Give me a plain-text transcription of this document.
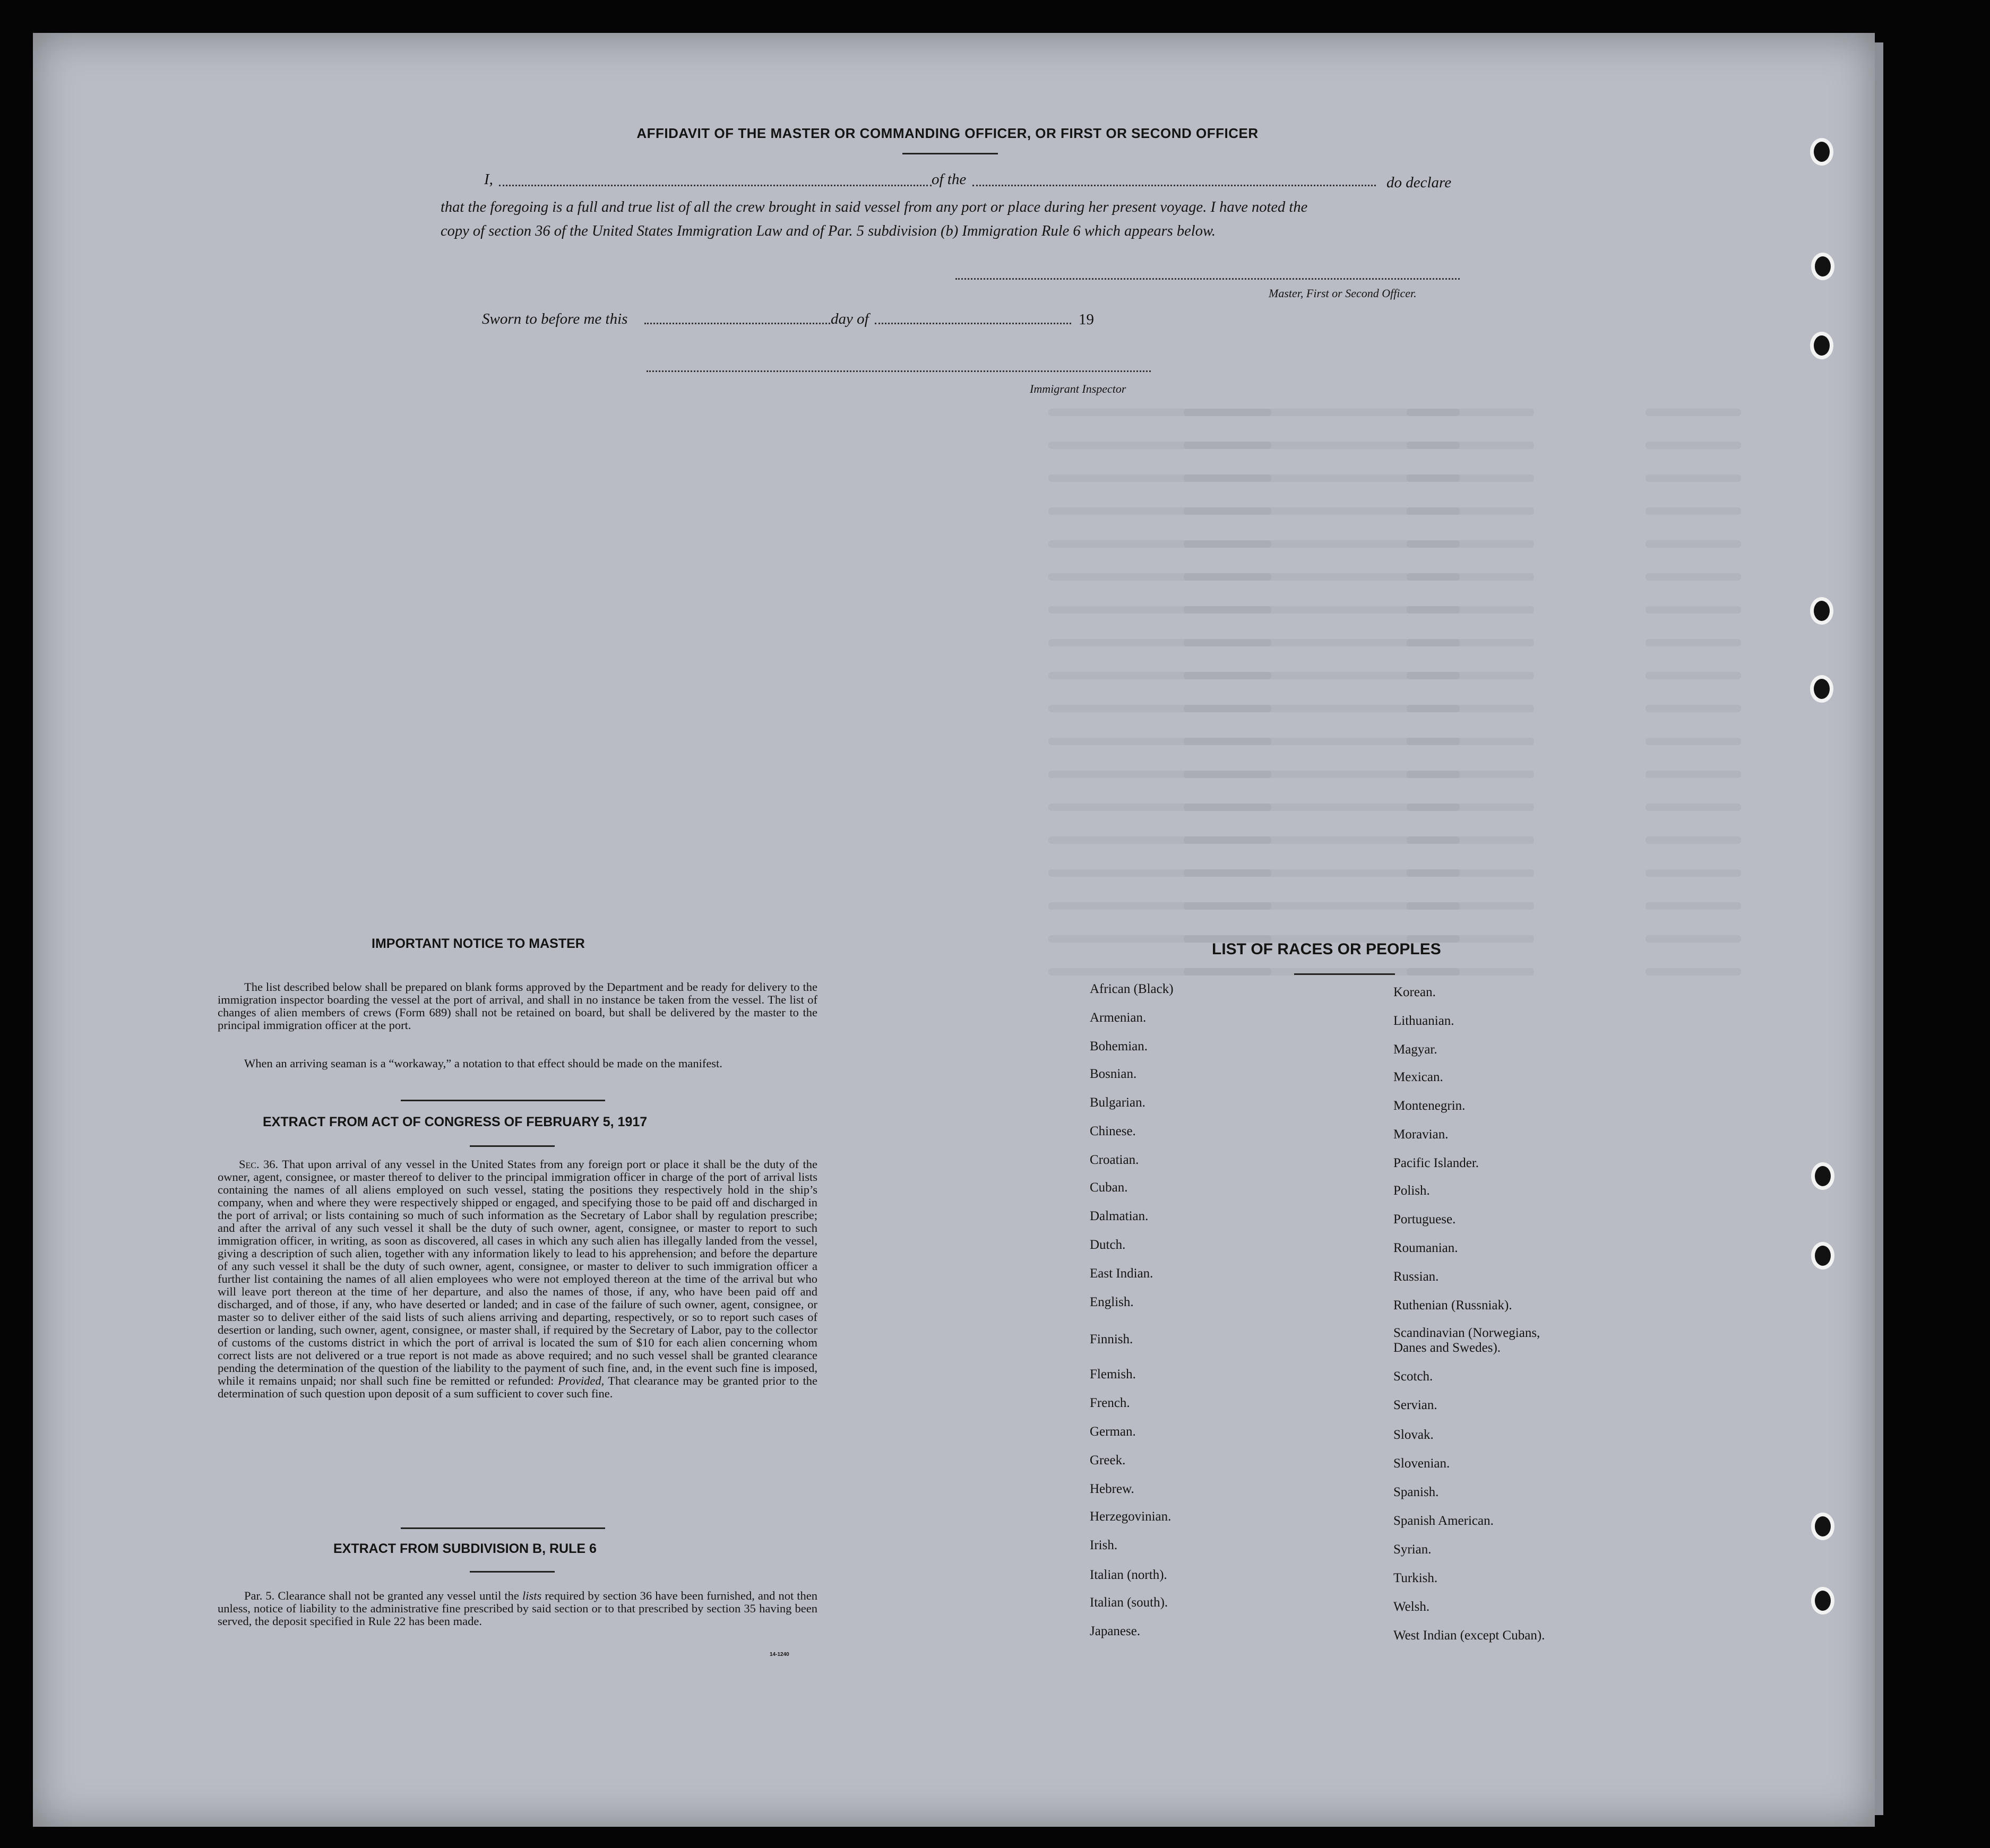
AFFIDAVIT OF THE MASTER OR COMMANDING OFFICER, OR FIRST OR SECOND OFFICER
I,	of the	do declare
that the foregoing is a full and true list of all the crew brought in said vessel from any port or place during her present voyage. I have noted the
copy of section 36 of the United States Immigration Law and of Par. 5 subdivision (b) Immigration Rule 6 which appears below.
Master, First or Second Officer.
Sworn to before me this	day of	19
Immigrant Inspector
IMPORTANT NOTICE TO MASTER
The list described below shall be prepared on blank forms approved by the Department and be ready for delivery to the immigration inspector boarding the vessel at the port of arrival, and shall in no instance be taken from the vessel. The list of changes of alien members of crews (Form 689) shall not be retained on board, but shall be delivered by the master to the principal immigration officer at the port.
When an arriving seaman is a “workaway,” a notation to that effect should be made on the manifest.
EXTRACT FROM ACT OF CONGRESS OF FEBRUARY 5, 1917
Sec. 36. That upon arrival of any vessel in the United States from any foreign port or place it shall be the duty of the owner, agent, consignee, or master thereof to deliver to the principal immigration officer in charge of the port of arrival lists containing the names of all aliens employed on such vessel, stating the positions they respectively hold in the ship’s company, when and where they were respectively shipped or engaged, and specifying those to be paid off and discharged in the port of arrival; or lists containing so much of such information as the Secretary of Labor shall by regulation prescribe; and after the arrival of any such vessel it shall be the duty of such owner, agent, consignee, or master to report to such immigration officer, in writing, as soon as discovered, all cases in which any such alien has illegally landed from the vessel, giving a description of such alien, together with any information likely to lead to his apprehension; and before the departure of any such vessel it shall be the duty of such owner, agent, consignee, or master to deliver to such immigration officer a further list containing the names of all alien employees who were not employed thereon at the time of the arrival but who will leave port thereon at the time of her departure, and also the names of those, if any, who have been paid off and discharged, and of those, if any, who have deserted or landed; and in case of the failure of such owner, agent, consignee, or master so to deliver either of the said lists of such aliens arriving and departing, respectively, or so to report such cases of desertion or landing, such owner, agent, consignee, or master shall, if required by the Secretary of Labor, pay to the collector of customs of the customs district in which the port of arrival is located the sum of $10 for each alien concerning whom correct lists are not delivered or a true report is not made as above required; and no such vessel shall be granted clearance pending the determination of the question of the liability to the payment of such fine, and, in the event such fine is imposed, while it remains unpaid; nor shall such fine be remitted or refunded: Provided, That clearance may be granted prior to the determination of such question upon deposit of a sum sufficient to cover such fine.
EXTRACT FROM SUBDIVISION B, RULE 6
Par. 5. Clearance shall not be granted any vessel until the lists required by section 36 have been furnished, and not then unless, notice of liability to the administrative fine prescribed by said section or to that prescribed by section 35 having been served, the deposit specified in Rule 22 has been made.
14-1240
LIST OF RACES OR PEOPLES
African (Black)
Armenian.
Bohemian.
Bosnian.
Bulgarian.
Chinese.
Croatian.
Cuban.
Dalmatian.
Dutch.
East Indian.
English.
Finnish.
Flemish.
French.
German.
Greek.
Hebrew.
Herzegovinian.
Irish.
Italian (north).
Italian (south).
Japanese.
Korean.
Lithuanian.
Magyar.
Mexican.
Montenegrin.
Moravian.
Pacific Islander.
Polish.
Portuguese.
Roumanian.
Russian.
Ruthenian (Russniak).
Scandinavian (Norwegians,
Danes and Swedes).
Scotch.
Servian.
Slovak.
Slovenian.
Spanish.
Spanish American.
Syrian.
Turkish.
Welsh.
West Indian (except Cuban).
